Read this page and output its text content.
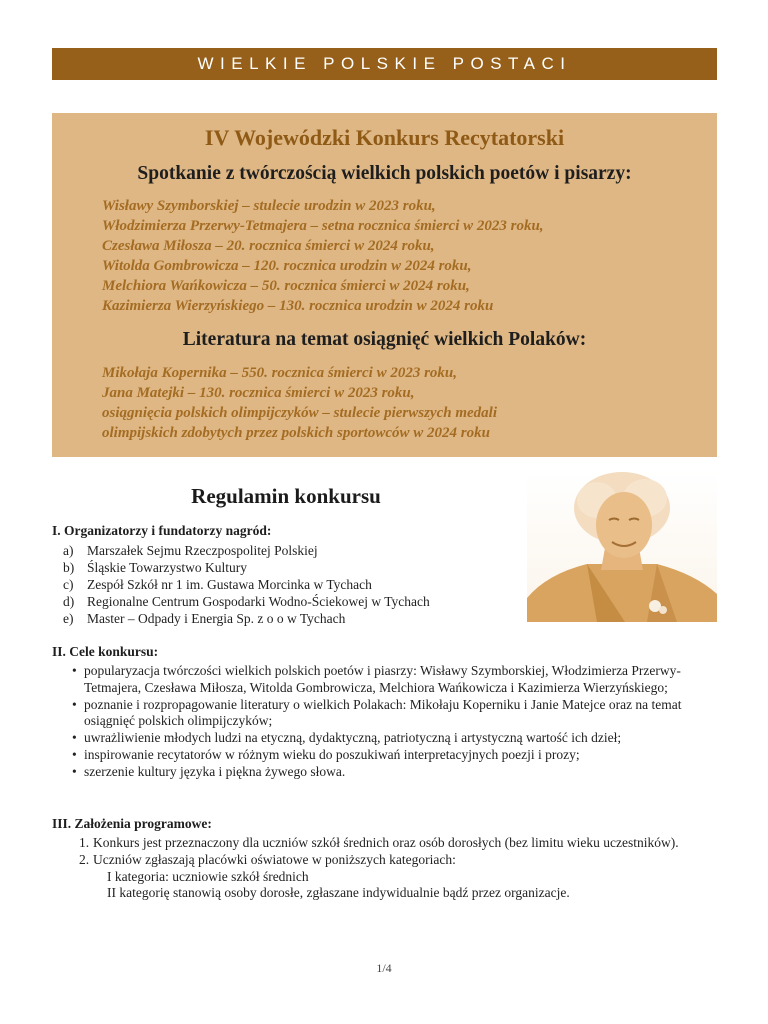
WIELKIE POLSKIE POSTACI
IV Wojewódzki Konkurs Recytatorski
Spotkanie z twórczością wielkich polskich poetów i pisarzy:
Wisławy Szymborskiej – stulecie urodzin w 2023 roku,
Włodzimierza Przerwy-Tetmajera – setna rocznica śmierci w 2023 roku,
Czesława Miłosza – 20. rocznica śmierci w 2024 roku,
Witolda Gombrowicza – 120. rocznica urodzin w 2024 roku,
Melchiora Wańkowicza – 50. rocznica śmierci w 2024 roku,
Kazimierza Wierzyńskiego – 130. rocznica urodzin w 2024 roku
Literatura na temat osiągnięć wielkich Polaków:
Mikołaja Kopernika – 550. rocznica śmierci w 2023 roku,
Jana Matejki – 130. rocznica śmierci w 2023 roku,
osiągnięcia polskich olimpijczyków – stulecie pierwszych medali
olimpijskich zdobytych przez polskich sportowców w 2024 roku
Regulamin konkursu
I. Organizatorzy i fundatorzy nagród:
a) Marszałek Sejmu Rzeczpospolitej Polskiej
b) Śląskie Towarzystwo Kultury
c) Zespół Szkół nr 1 im. Gustawa Morcinka w Tychach
d) Regionalne Centrum Gospodarki Wodno-Ściekowej w Tychach
e) Master – Odpady i Energia Sp. z o o w Tychach
II. Cele konkursu:
• popularyzacja twórczości wielkich polskich poetów i piasrzy: Wisławy Szymborskiej, Włodzimierza Przerwy-Tetmajera, Czesława Miłosza, Witolda Gombrowicza, Melchiora Wańkowicza i Kazimierza Wierzyńskiego;
• poznanie i rozpropagowanie literatury o wielkich Polakach: Mikołaju Koperniku i Janie Matejce oraz na temat osiągnięć polskich olimpijczyków;
• uwrażliwienie młodych ludzi na etyczną, dydaktyczną, patriotyczną i artystyczną wartość ich dzieł;
• inspirowanie recytatorów w różnym wieku do poszukiwań interpretacyjnych poezji i prozy;
• szerzenie kultury języka i piękna żywego słowa.
III. Założenia programowe:
1. Konkurs jest przeznaczony dla uczniów szkół średnich oraz osób dorosłych (bez limitu wieku uczestników).
2. Uczniów zgłaszają placówki oświatowe w poniższych kategoriach:
I kategoria: uczniowie szkół średnich
II kategorię stanowią osoby dorosłe, zgłaszane indywidualnie bądź przez organizacje.
1/4
